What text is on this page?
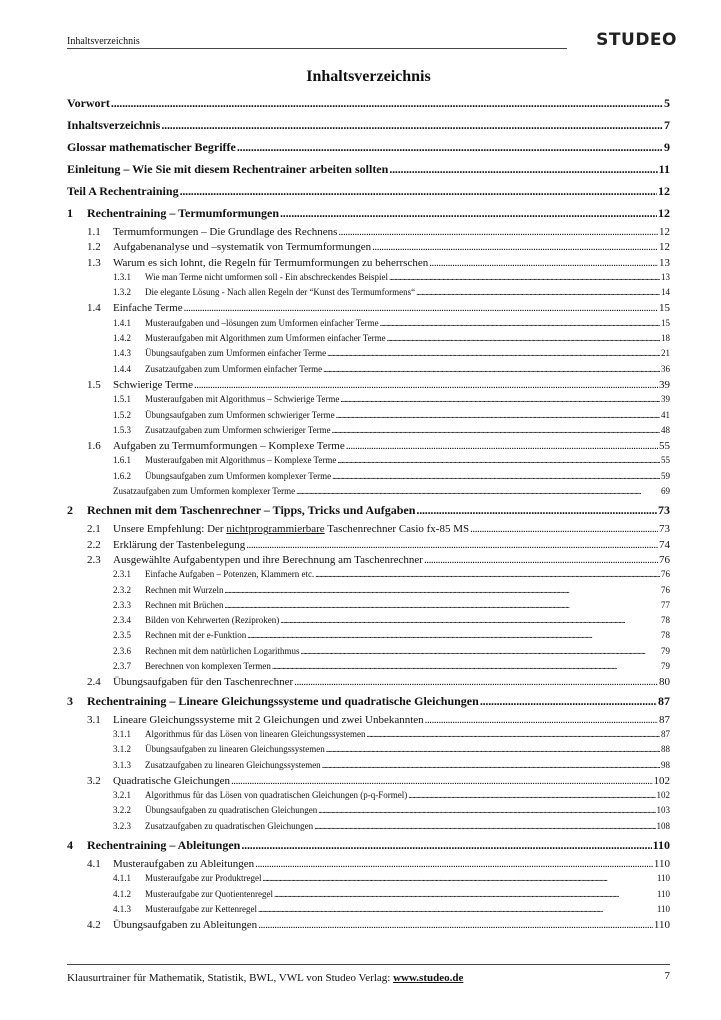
Inhaltsverzeichnis	STUDEO
Inhaltsverzeichnis
Vorwort . . .	5
Inhaltsverzeichnis . . .	7
Glossar mathematischer Begriffe . . .	9
Einleitung – Wie Sie mit diesem Rechentrainer arbeiten sollten . . .	11
Teil A Rechentraining . . .	12
1	Rechentraining – Termumformungen . . .	12
1.1	Termumformungen – Die Grundlage des Rechnens . . .	12
1.2	Aufgabenanalyse und –systematik von Termumformungen . . .	12
1.3	Warum es sich lohnt, die Regeln für Termumformungen zu beherrschen . . .	13
1.3.1	Wie man Terme nicht umformen soll - Ein abschreckendes Beispiel . . .	13
1.3.2	Die elegante Lösung - Nach allen Regeln der “Kunst des Termumformens“ . . .	14
1.4	Einfache Terme . . .	15
1.4.1	Musteraufgaben und –lösungen zum Umformen einfacher Terme . . .	15
1.4.2	Musteraufgaben mit Algorithmen zum Umformen einfacher Terme . . .	18
1.4.3	Übungsaufgaben zum Umformen einfacher Terme . . .	21
1.4.4	Zusatzaufgaben zum Umformen einfacher Terme . . .	36
1.5	Schwierige Terme . . .	39
1.5.1	Musteraufgaben mit Algorithmus – Schwierige Terme . . .	39
1.5.2	Übungsaufgaben zum Umformen schwieriger Terme . . .	41
1.5.3	Zusatzaufgaben zum Umformen schwieriger Terme . . .	48
1.6	Aufgaben zu Termumformungen – Komplexe Terme . . .	55
1.6.1	Musteraufgaben mit Algorithmus – Komplexe Terme . . .	55
1.6.2	Übungsaufgaben zum Umformen komplexer Terme . . .	59
Zusatzaufgaben zum Umformen komplexer Terme . . .	69
2	Rechnen mit dem Taschenrechner – Tipps, Tricks und Aufgaben . . .	73
2.1	Unsere Empfehlung: Der nichtprogrammierbare Taschenrechner Casio fx-85 MS . . .	73
2.2	Erklärung der Tastenbelegung . . .	74
2.3	Ausgewählte Aufgabentypen und ihre Berechnung am Taschenrechner . . .	76
2.3.1	Einfache Aufgaben – Potenzen, Klammern etc. . . .	76
2.3.2	Rechnen mit Wurzeln . . .	76
2.3.3	Rechnen mit Brüchen . . .	77
2.3.4	Bilden von Kehrwerten (Reziproken) . . .	78
2.3.5	Rechnen mit der e-Funktion . . .	78
2.3.6	Rechnen mit dem natürlichen Logarithmus . . .	79
2.3.7	Berechnen von komplexen Termen . . .	79
2.4	Übungsaufgaben für den Taschenrechner . . .	80
3	Rechentraining – Lineare Gleichungssysteme und quadratische Gleichungen . . .	87
3.1	Lineare Gleichungssysteme mit 2 Gleichungen und zwei Unbekannten . . .	87
3.1.1	Algorithmus für das Lösen von linearen Gleichungssystemen . . .	87
3.1.2	Übungsaufgaben zu linearen Gleichungssystemen . . .	88
3.1.3	Zusatzaufgaben zu linearen Gleichungssystemen . . .	98
3.2	Quadratische Gleichungen . . .	102
3.2.1	Algorithmus für das Lösen von quadratischen Gleichungen (p-q-Formel) . . .	102
3.2.2	Übungsaufgaben zu quadratischen Gleichungen . . .	103
3.2.3	Zusatzaufgaben zu quadratischen Gleichungen . . .	108
4	Rechentraining – Ableitungen . . .	110
4.1	Musteraufgaben zu Ableitungen . . .	110
4.1.1	Musteraufgabe zur Produktregel . . .	110
4.1.2	Musteraufgabe zur Quotientenregel . . .	110
4.1.3	Musteraufgabe zur Kettenregel . . .	110
4.2	Übungsaufgaben zu Ableitungen . . .	110
Klausurtrainer für Mathematik, Statistik, BWL, VWL von Studeo Verlag: www.studeo.de	7
